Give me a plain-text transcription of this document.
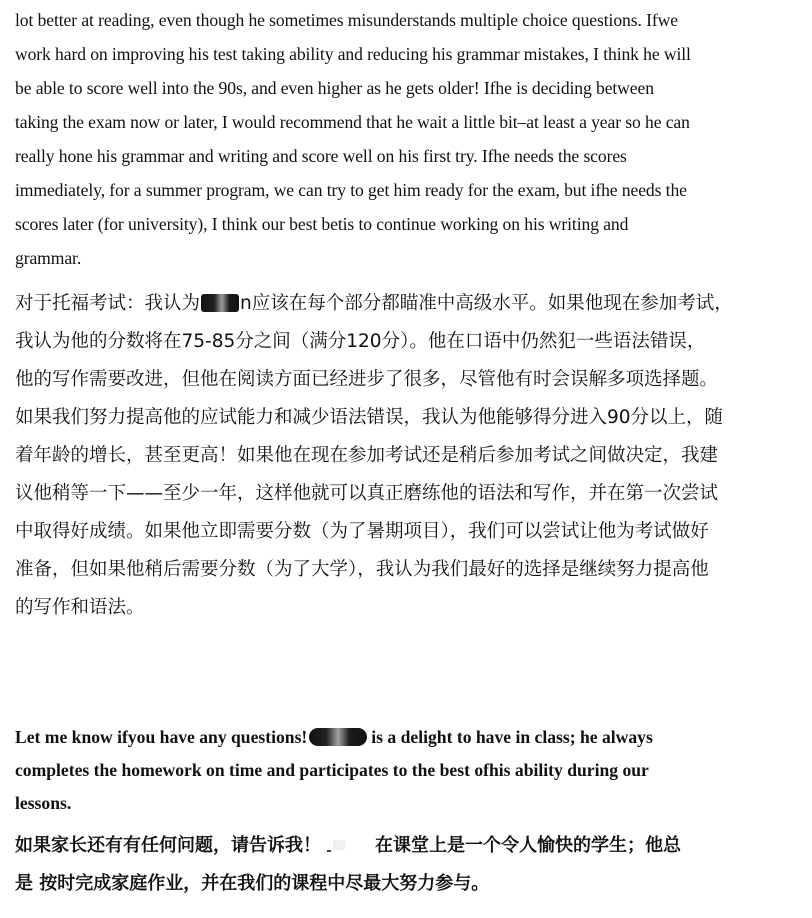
lot better at reading, even though he sometimes misunderstands multiple choice questions. Ifwe
work hard on improving his test taking ability and reducing his grammar mistakes, I think he will
be able to score well into the 90s, and even higher as he gets older! Ifhe is deciding between
taking the exam now or later, I would recommend that he wait a little bit–at least a year so he can
really hone his grammar and writing and score well on his first try. Ifhe needs the scores
immediately, for a summer program, we can try to get him ready for the exam, but ifhe needs the
scores later (for university), I think our best betis to continue working on his writing and
grammar.
对于托福考试：我认为 n应该在每个部分都瞄准中高级水平。如果他现在参加考试，
我认为他的分数将在75-85分之间（满分120分）。他在口语中仍然犯一些语法错误，
他的写作需要改进，但他在阅读方面已经进步了很多，尽管他有时会误解多项选择题。
如果我们努力提高他的应试能力和减少语法错误，我认为他能够得分进入90分以上，随
着年龄的增长，甚至更高！如果他在现在参加考试还是稍后参加考试之间做决定，我建
议他稍等一下——至少一年，这样他就可以真正磨练他的语法和写作，并在第一次尝试
中取得好成绩。如果他立即需要分数（为了暑期项目），我们可以尝试让他为考试做好
准备，但如果他稍后需要分数（为了大学），我认为我们最好的选择是继续努力提高他
的写作和语法。
Let me know ifyou have any questions!	is a delight to have in class; he always
completes the homework on time and participates to the best ofhis ability during our
lessons.
如果家长还有有任何问题，请告诉我！	在课堂上是一个令人愉快的学生；他总
是 按时完成家庭作业，并在我们的课程中尽最大努力参与。
